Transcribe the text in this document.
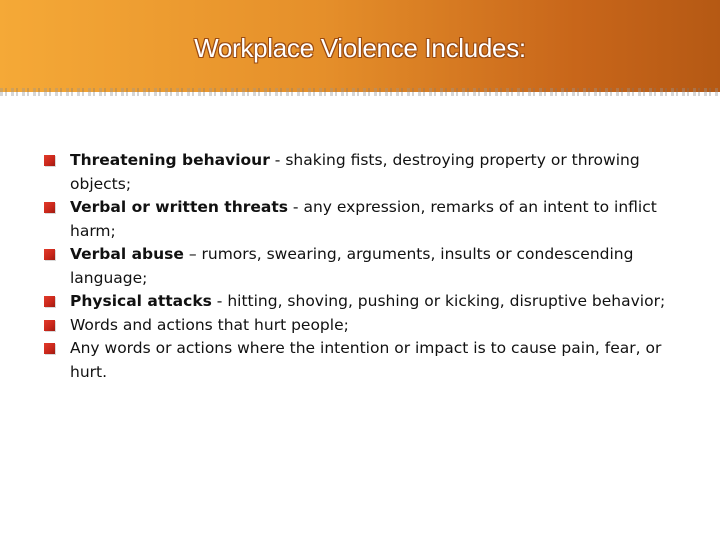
Workplace Violence Includes:
Threatening behaviour - shaking fists, destroying property or throwing objects;
Verbal or written threats - any expression, remarks of an intent to inflict harm;
Verbal abuse – rumors, swearing, arguments, insults or condescending language;
Physical attacks - hitting, shoving, pushing or kicking, disruptive behavior;
Words and actions that hurt people;
Any words or actions where the intention or impact is to cause pain, fear, or hurt.
